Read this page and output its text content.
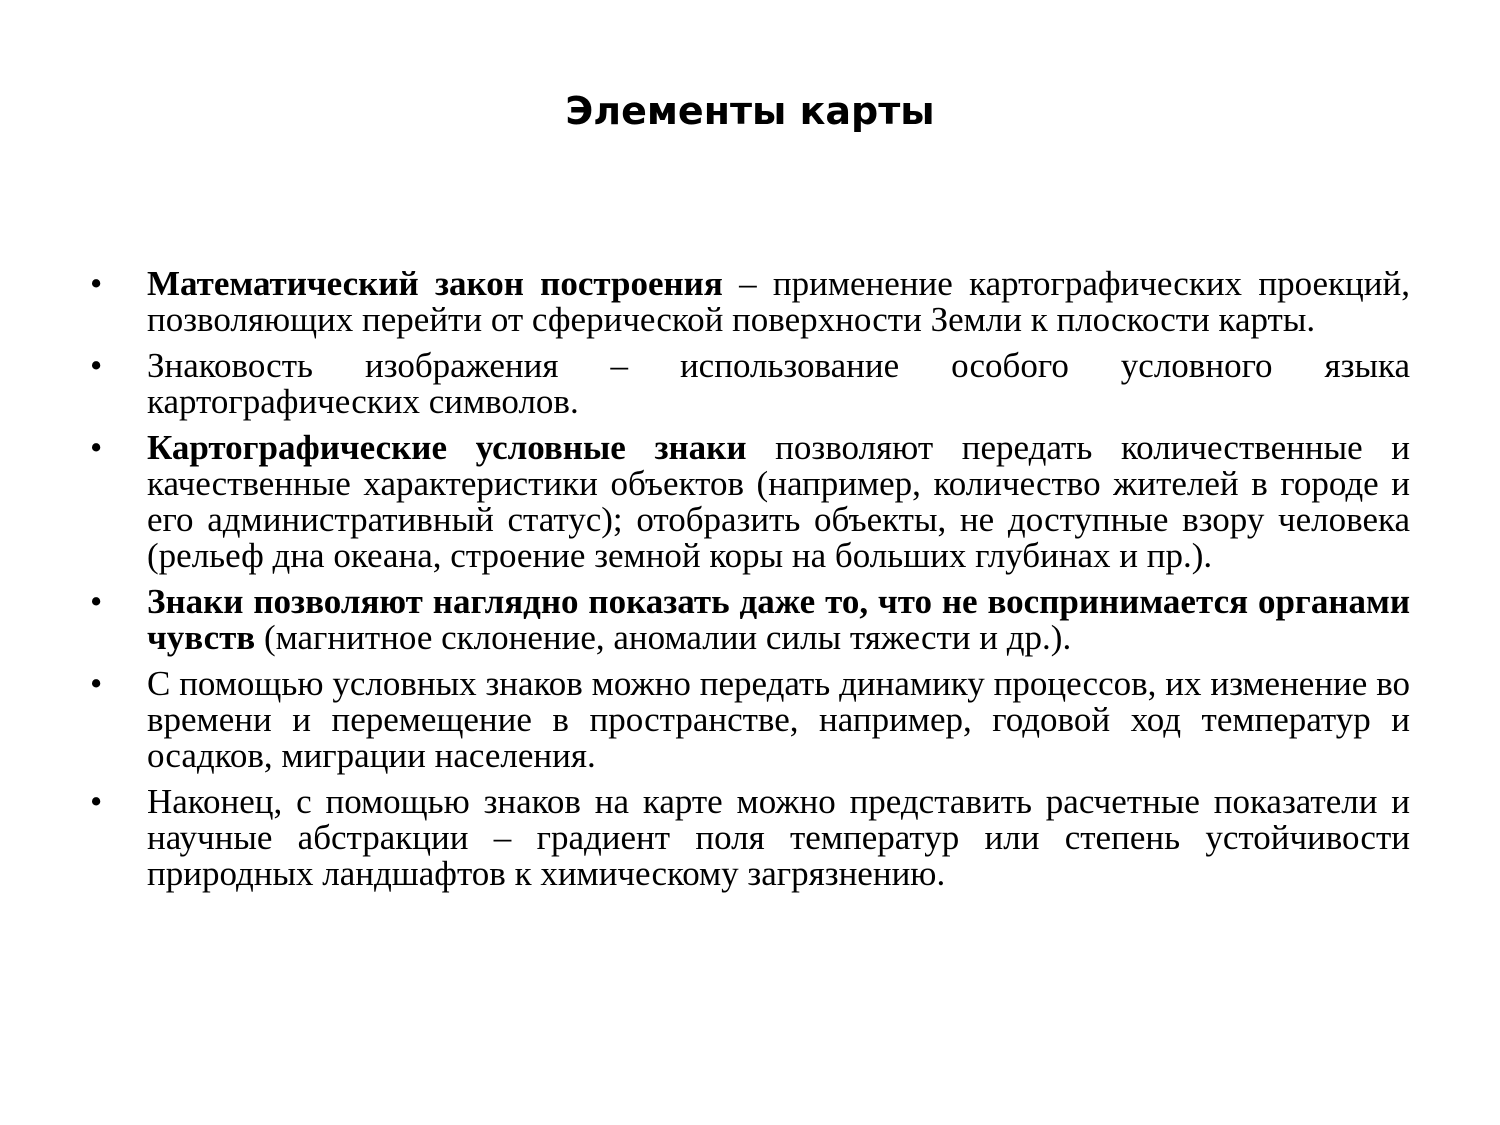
Элементы карты
• Математический закон построения – применение картографических проекций, позволяющих перейти от сферической поверхности Земли к плоскости карты.
• Знаковость изображения – использование особого условного языка картографических символов.
• Картографические условные знаки позволяют передать количественные и качественные характеристики объектов (например, количество жителей в городе и его административный статус); отобразить объекты, не доступные взору человека (рельеф дна океана, строение земной коры на больших глубинах и пр.).
• Знаки позволяют наглядно показать даже то, что не воспринимается органами чувств (магнитное склонение, аномалии силы тяжести и др.).
• С помощью условных знаков можно передать динамику процессов, их изменение во времени и перемещение в пространстве, например, годовой ход температур и осадков, миграции населения.
• Наконец, с помощью знаков на карте можно представить расчетные показатели и научные абстракции – градиент поля температур или степень устойчивости природных ландшафтов к химическому загрязнению.
